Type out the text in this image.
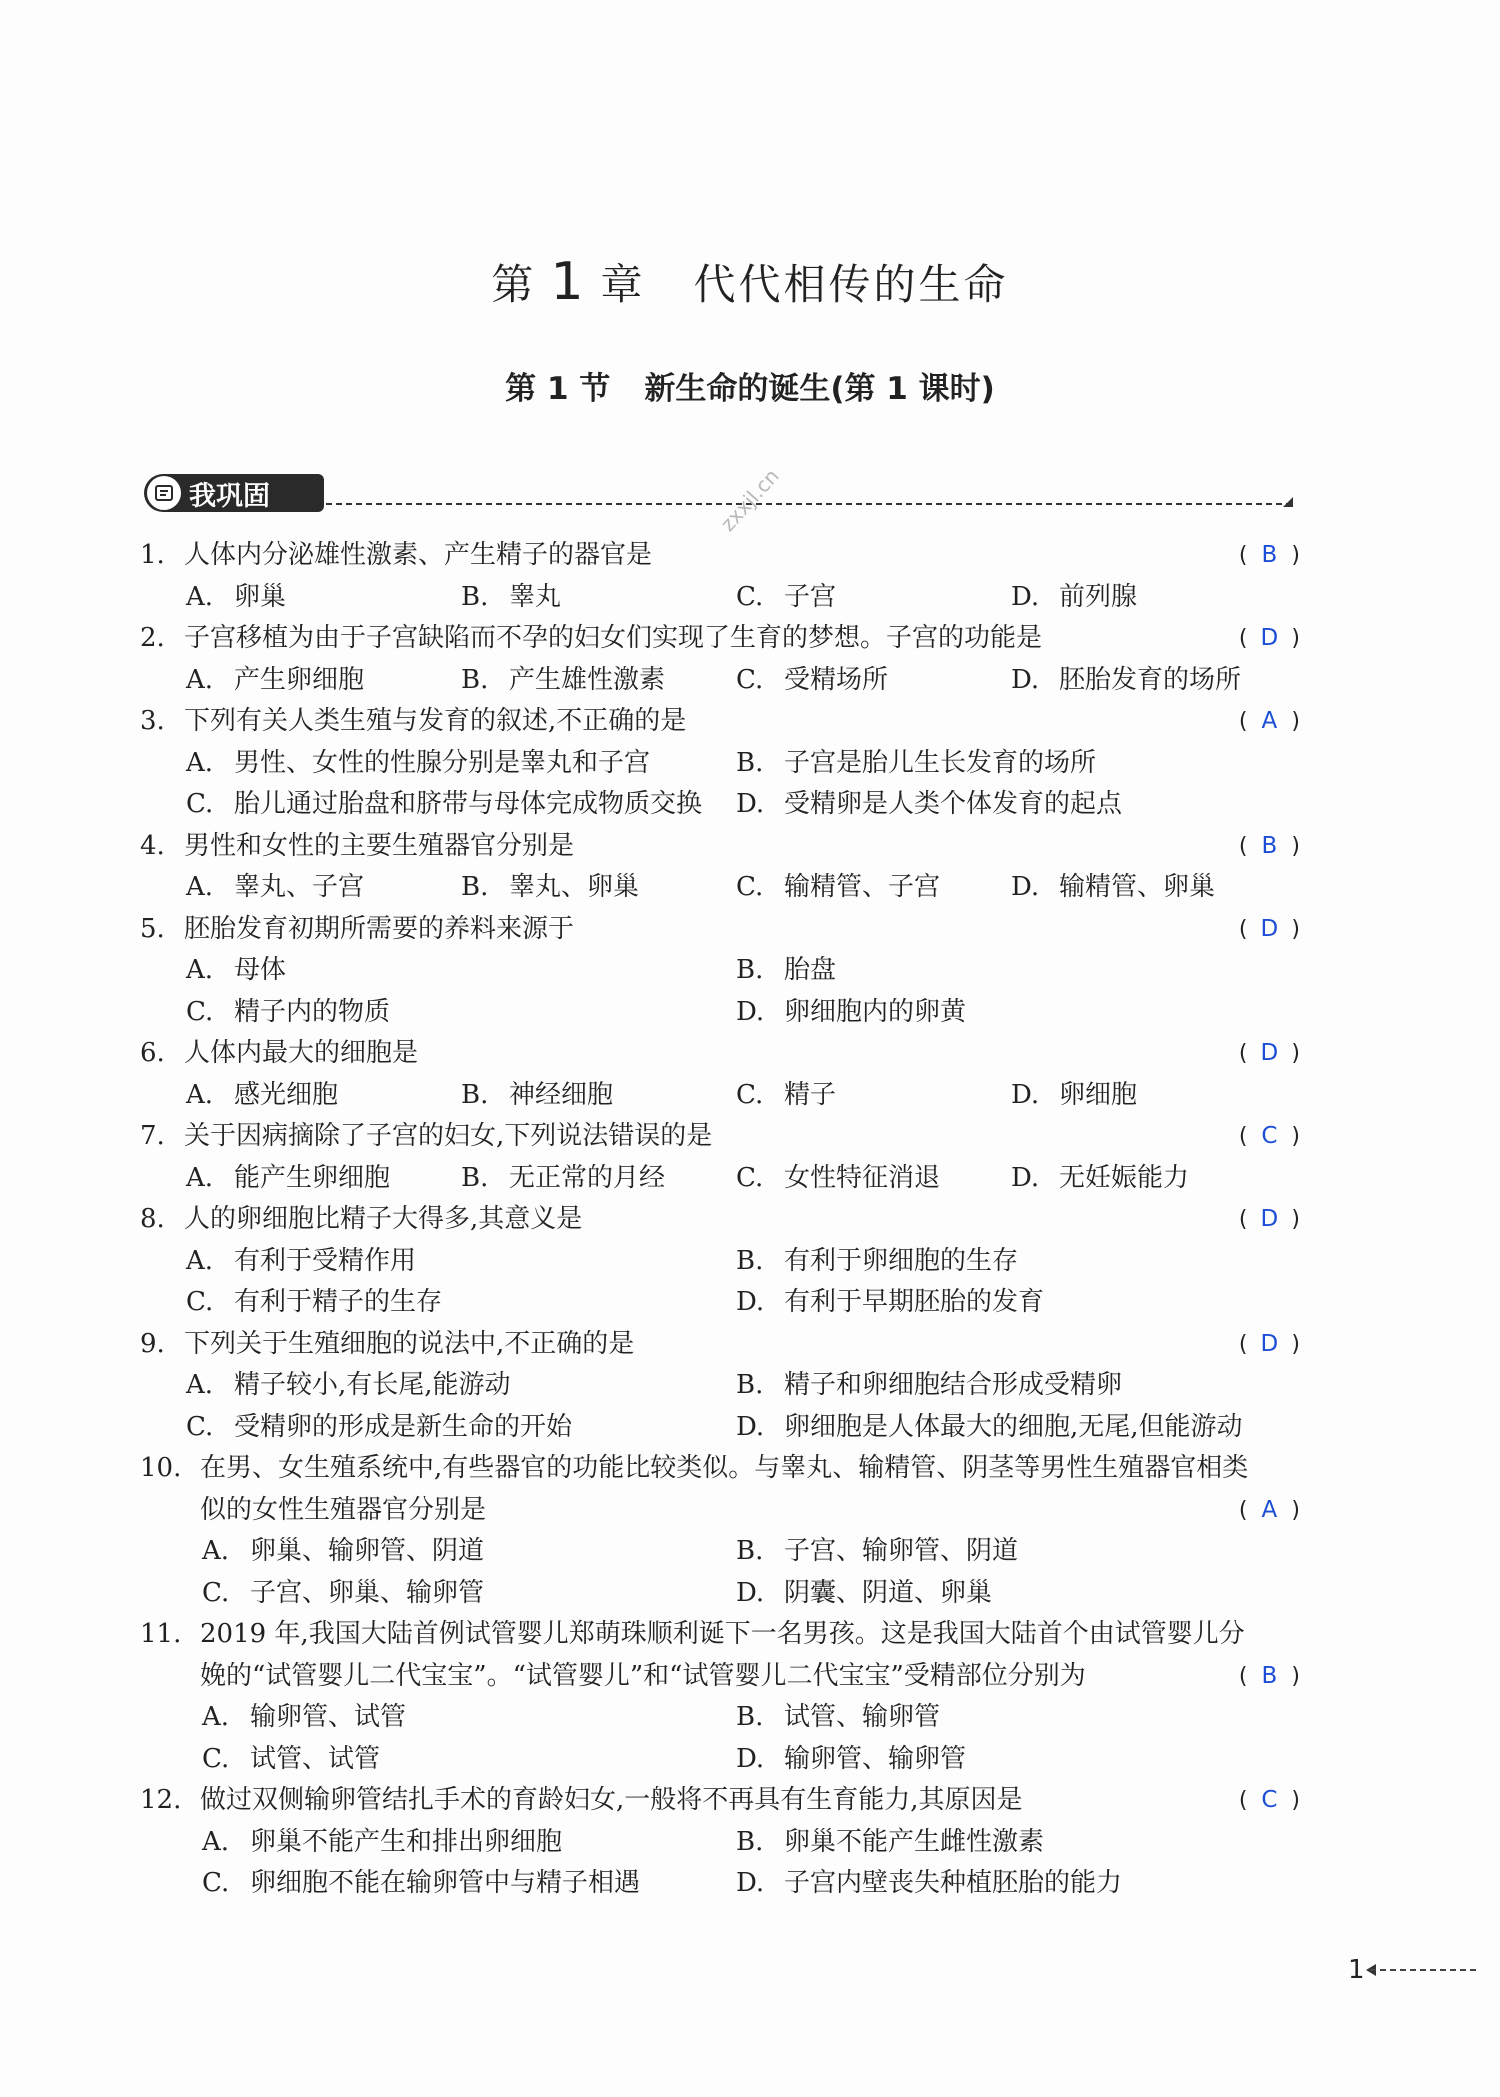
第 1 章 代代相传的生命
第 1 节 新生命的诞生(第 1 课时)
我巩固	zxxjl.cn
1. 人体内分泌雄性激素、产生精子的器官是	( B )
A. 卵巢	B. 睾丸	C. 子宫	D. 前列腺
2. 子宫移植为由于子宫缺陷而不孕的妇女们实现了生育的梦想。子宫的功能是	( D )
A. 产生卵细胞	B. 产生雄性激素	C. 受精场所	D. 胚胎发育的场所
3. 下列有关人类生殖与发育的叙述,不正确的是	( A )
A. 男性、女性的性腺分别是睾丸和子宫	B. 子宫是胎儿生长发育的场所
C. 胎儿通过胎盘和脐带与母体完成物质交换	D. 受精卵是人类个体发育的起点
4. 男性和女性的主要生殖器官分别是	( B )
A. 睾丸、子宫	B. 睾丸、卵巢	C. 输精管、子宫	D. 输精管、卵巢
5. 胚胎发育初期所需要的养料来源于	( D )
A. 母体	B. 胎盘
C. 精子内的物质	D. 卵细胞内的卵黄
6. 人体内最大的细胞是	( D )
A. 感光细胞	B. 神经细胞	C. 精子	D. 卵细胞
7. 关于因病摘除了子宫的妇女,下列说法错误的是	( C )
A. 能产生卵细胞	B. 无正常的月经	C. 女性特征消退	D. 无妊娠能力
8. 人的卵细胞比精子大得多,其意义是	( D )
A. 有利于受精作用	B. 有利于卵细胞的生存
C. 有利于精子的生存	D. 有利于早期胚胎的发育
9. 下列关于生殖细胞的说法中,不正确的是	( D )
A. 精子较小,有长尾,能游动	B. 精子和卵细胞结合形成受精卵
C. 受精卵的形成是新生命的开始	D. 卵细胞是人体最大的细胞,无尾,但能游动
10. 在男、女生殖系统中,有些器官的功能比较类似。与睾丸、输精管、阴茎等男性生殖器官相类
似的女性生殖器官分别是	( A )
A. 卵巢、输卵管、阴道	B. 子宫、输卵管、阴道
C. 子宫、卵巢、输卵管	D. 阴囊、阴道、卵巢
11. 2019 年,我国大陆首例试管婴儿郑萌珠顺利诞下一名男孩。这是我国大陆首个由试管婴儿分
娩的“试管婴儿二代宝宝”。“试管婴儿”和“试管婴儿二代宝宝”受精部位分别为	( B )
A. 输卵管、试管	B. 试管、输卵管
C. 试管、试管	D. 输卵管、输卵管
12. 做过双侧输卵管结扎手术的育龄妇女,一般将不再具有生育能力,其原因是	( C )
A. 卵巢不能产生和排出卵细胞	B. 卵巢不能产生雌性激素
C. 卵细胞不能在输卵管中与精子相遇	D. 子宫内壁丧失种植胚胎的能力
1
